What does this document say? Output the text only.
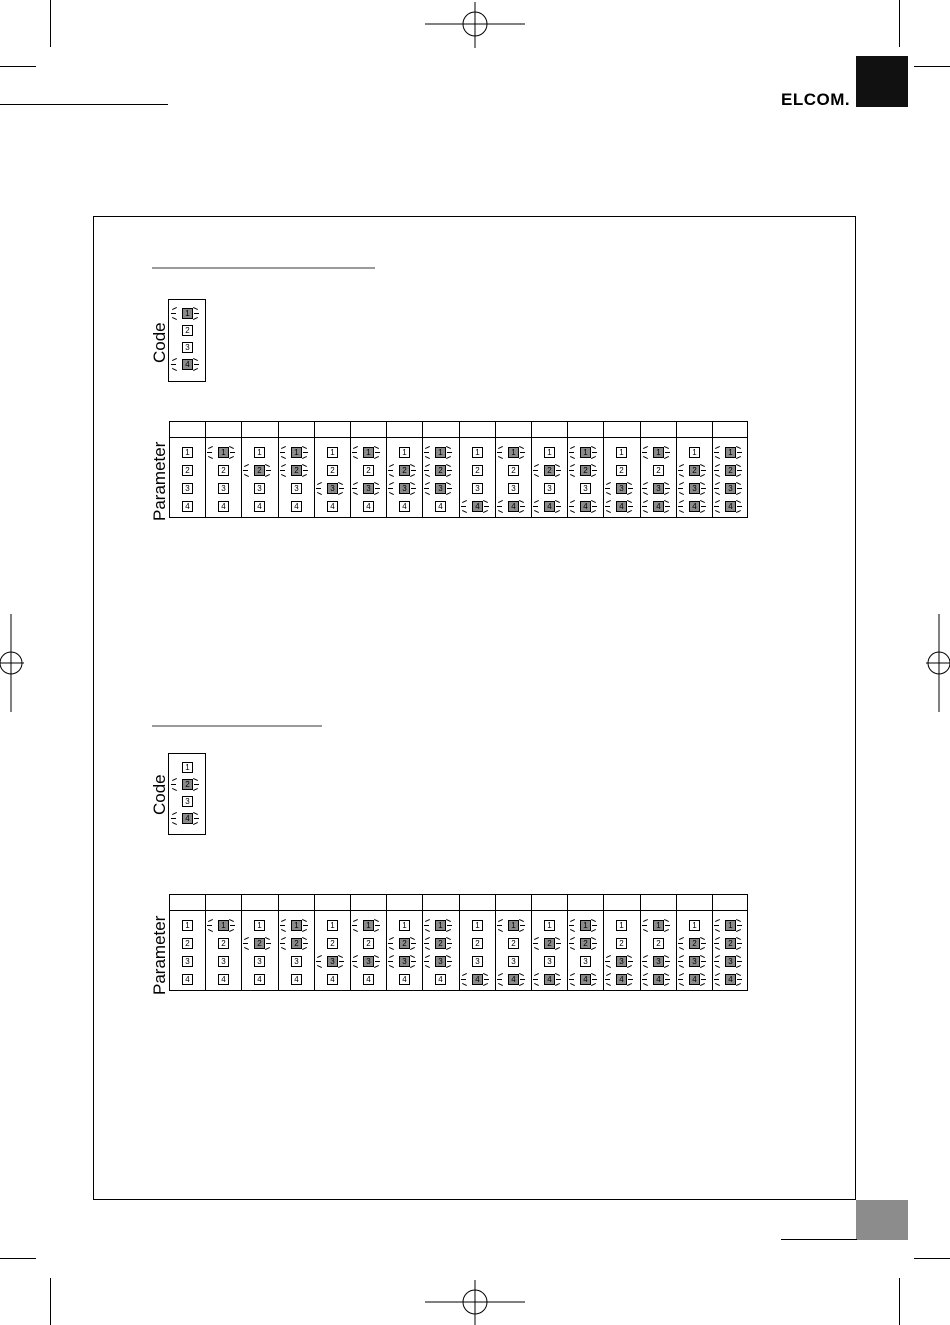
ELCOM.
Code
1
2
3
4
Parameter	1
2
3
4
1
2
3
4
1
2
3
4
1
2
3
4
1
2
3
4
1
2
3
4
1
2
3
4
1
2
3
4
1
2
3
4
1
2
3
4
1
2
3
4
1
2
3
4
1
2
3
4
1
2
3
4
1
2
3
4
1
2
3
4
Code
1
2
3
4
Parameter	1
2
3
4
1
2
3
4
1
2
3
4
1
2
3
4
1
2
3
4
1
2
3
4
1
2
3
4
1
2
3
4
1
2
3
4
1
2
3
4
1
2
3
4
1
2
3
4
1
2
3
4
1
2
3
4
1
2
3
4
1
2
3
4
